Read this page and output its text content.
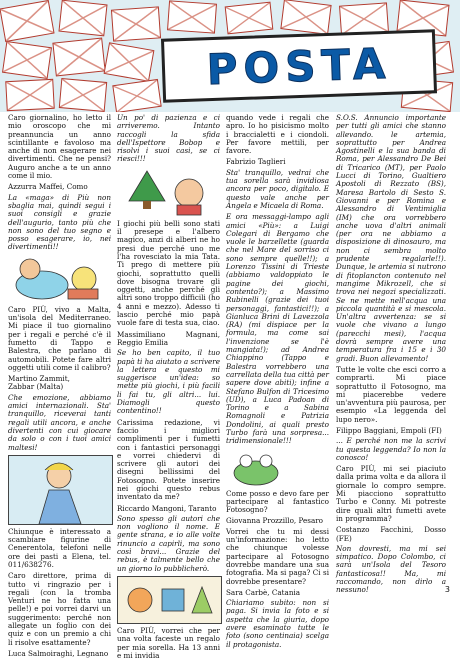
POSTA

Caro giornalino, ho letto il mio oroscopo che mi preannuncia un anno scintillante e favoloso ma anche di non esagerare nei divertimenti. Che ne pensi? Auguro anche a te un anno come il mio.

Azzurra Maffei, Como

La «maga» di Più non sbaglia mai, quindi segui i suoi consigli e grazie dell'augurio, tanto più che non sono del tuo segno e posso esagerare, io, nei divertimenti!!

Caro PIÙ, vivo a Malta, un'isola del Mediterraneo. Mi piace il tuo giornalino per i regali e perché c'è il fumetto di Tappo e Balestra, che parlano di automobili. Potete fare altri oggetti utili come il calibro?

Martino Zammit,
Zabbar (Malta)

Che emozione, abbiamo amici internazionali. Sta' tranquillo, riceverai tanti regali utili ancora, e anche divertenti con cui giocare da solo o con i tuoi amici maltesi!

Chiunque è interessato a scambiare figurine di Cenerentola, telefoni nelle ore dei pasti a Elena, tel. 011/638276.

Caro direttore, prima di tutto vi ringrazio per i regali (con la tromba Venturi ne ho fatta una pelle!) e poi vorrei darvi un suggerimento: perché non allegate un foglio con dei quiz e con un premio a chi li risolve esattamente?

Luca Salmoiraghi, Legnano

Un po' di pazienza e ci arriveremo. Intanto raccogli la sfida dell'Ispettore Bobop e risolvi i suoi casi, se ci riesci!!!

I giochi più belli sono stati il presepe e l'albero magico, anzi di alberi ne ho presi due perché uno me l'ha rovesciato la mia Tata. Ti prego di mettere più giochi, soprattutto quelli dove bisogna trovare gli oggetti, anche perché gli altri sono troppo difficili (ho 4 anni e mezzo). Adesso ti lascio perché mio papà vuole fare di testa sua, ciao.

Massimiliano Magnani, Reggio Emilia

Se ho ben capito, il tuo papà ti ha aiutato a scrivere la lettera e questo mi suggerisce un'idea: so mette più giochi, i più facili li fai tu, gli altri... lui. Diamogli questo contentino!!

Carissima redazione, vi faccio i migliori complimenti per i fumetti con i fantastici personaggi e vorrei chiedervi di scrivere gli autori dei disegni bellissimi del Fotosogno. Potete inserire nei giochi questo rebus inventato da me?

Riccardo Mangoni, Taranto

Sono spesso gli autori che non vogliono il nome. E gente strana, e io alle volte rinuncio a capirli, ma sono così bravi... Grazie del rebus, è talmente bello che un giorno lo pubblicherò.

Caro PIÙ, vorrei che per una volta faceste un regalo per mia sorella. Ha 13 anni e mi invidia

quando vede i regali che apro. Io ho pisicismo molto i braccialetti e i ciondoli. Per favore mettili, per favore.

Fabrizio Taglieri

Sta' tranquillo, vedrai che tua sorella sarà invidiosa ancora per poco, digitalo. E questo vale anche per Angela e Micaela di Roma.

E ora messaggi-lampo agli amici «Più»: a Luigi Colegari di Bergamo che vuole le barzellette (guarda che nel Mare del sorriso ci sono sempre quelle!!); a Lorenzo Tissini di Trieste (abbiamo valdoppiato le pagine dei giochi, contento?); a Massimo Rubinelli (grazie dei tuoi personaggi, fantastici!!); a Gianluca Brini di Lavezzola (RA) (mi dispiace per la formula, ma come sai l'invenzione se l'è mangiata!); ad Andrea Chiappino (Tappo e Balestra vorrebbero una carrellata della tua città per sapere dove abiti); infine a Stefano Bulfon di Tricesimo (UD), a Luca Padoan di Torino e a Sabina Romagnoli e Patrizia Dondolini, ai quali presto Turbo farà una sorpresa... tridimensionale!!!

Come posso e devo fare per partecipare al fantastico Fotosogno?

Giovanna Prozzillo, Pesaro

Vorrei che tu mi dessi un'informazione: ho letto che chiunque volesse partecipare al Fotosogno dovrebbe mandare una sua fotografia. Ma si paga? Ci si dovrebbe presentare?

Sara Carbè, Catania

Chiariamo subito: non si paga. Si invia la foto e si aspetta che la giuria, dopo avere esaminato tutte le foto (sono centinaia) scelga il protagonista.

S.O.S. Annuncio importante per tutti gli amici che stanno allevando. le artemia, soprattutto per Andrea Agostinelli e la sua banda di Roma, per Alessandro De Bei di Tricarico (MT), per Paolo Lucci di Torino, Gualtiero Apostoli di Rezzato (BS), Maresa Bartolo di Sesto S. Giovanni e per Romina e Alessandro di Ventimiglia (IM) che ora vorrebbero anche uova d'altri animali (per ora ne abbiamo a disposizione di dinosauro, ma non ci sembra molto prudente regalarle!!). Dunque, le artemia si nutrono di fitoplancton contenuto nel mangime Mikrozell, che si trova nei negozi specializzati. Se ne mette nell'acqua una piccola quantità e si mescola. Un'altra avvertenza: se si vuole che vivano a lungo (parecchi mesi), l'acqua dovrà sempre avere una temperatura fra i 15 e i 30 gradi. Buon allevamento!

Tutte le volte che esci corro a comprarti. Mi piace soprattutto il Fotosogno, ma mi piacerebbe vedere un'avventura più paurosa, per esempio «La leggenda del lupo nero».

Filippo Baggiani, Empoli (FI)

... E perché non me la scrivi tu questa leggenda? Io non la conosco!

Caro PIÙ, mi sei piaciuto dalla prima volta e da allora il giornale lo compro sempre. Mi piacciono soprattutto Turbo e Conny. Mi potreste dire quali altri fumetti avete in programma?

Costanzo Facchini, Dosso (FE)

Non dovresti, ma mi sei simpatico. Dopo Colombo, ci sarà un'Isola del Tesoro fantasticosa!! Ma, mi raccomando, non dirlo a nessuno!	3
